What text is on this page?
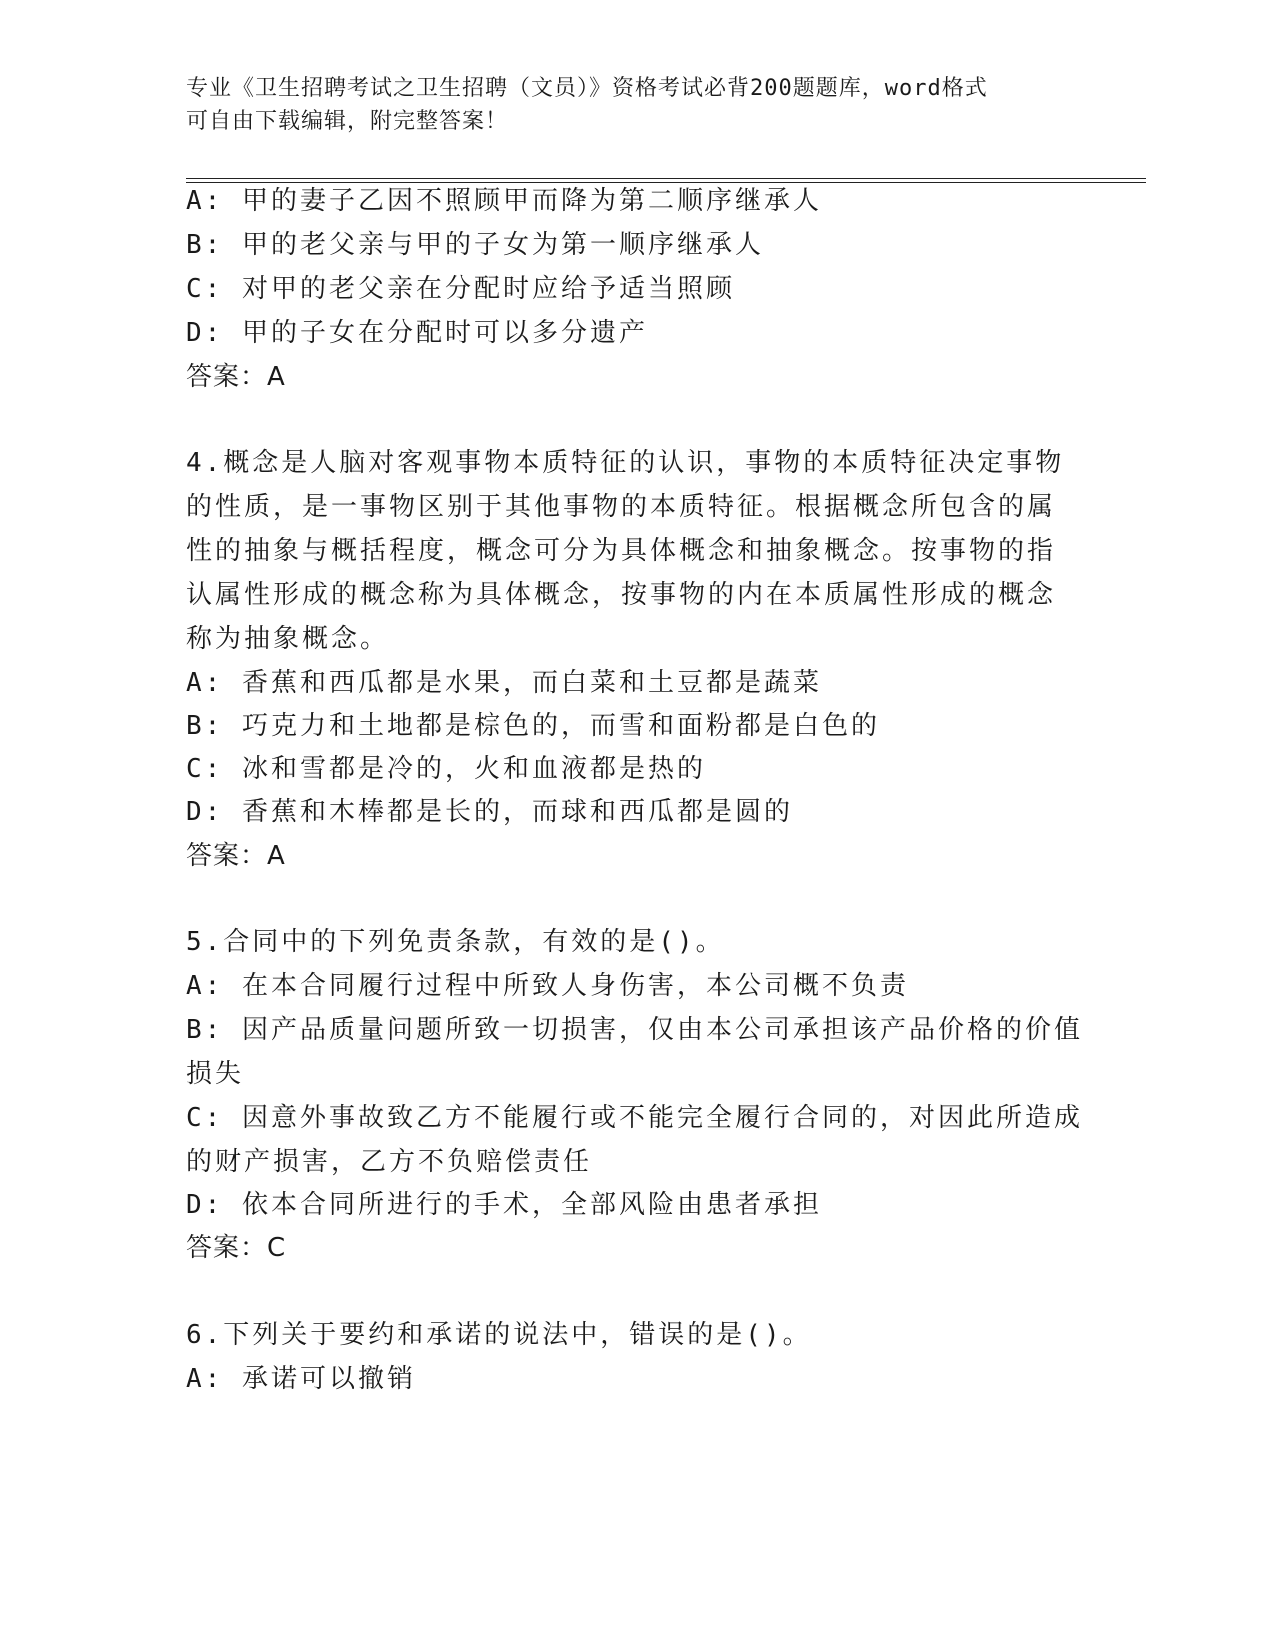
专业《卫生招聘考试之卫生招聘（文员）》资格考试必背200题题库，word格式
可自由下载编辑，附完整答案！
A: 甲的妻子乙因不照顾甲而降为第二顺序继承人
B: 甲的老父亲与甲的子女为第一顺序继承人
C: 对甲的老父亲在分配时应给予适当照顾
D: 甲的子女在分配时可以多分遗产
答案：A
4.概念是人脑对客观事物本质特征的认识，事物的本质特征决定事物
的性质，是一事物区别于其他事物的本质特征。根据概念所包含的属
性的抽象与概括程度，概念可分为具体概念和抽象概念。按事物的指
认属性形成的概念称为具体概念，按事物的内在本质属性形成的概念
称为抽象概念。
A: 香蕉和西瓜都是水果，而白菜和土豆都是蔬菜
B: 巧克力和土地都是棕色的，而雪和面粉都是白色的
C: 冰和雪都是冷的，火和血液都是热的
D: 香蕉和木棒都是长的，而球和西瓜都是圆的
答案：A
5.合同中的下列免责条款，有效的是()。
A: 在本合同履行过程中所致人身伤害，本公司概不负责
B: 因产品质量问题所致一切损害，仅由本公司承担该产品价格的价值
损失
C: 因意外事故致乙方不能履行或不能完全履行合同的，对因此所造成
的财产损害，乙方不负赔偿责任
D: 依本合同所进行的手术，全部风险由患者承担
答案：C
6.下列关于要约和承诺的说法中，错误的是()。
A: 承诺可以撤销
